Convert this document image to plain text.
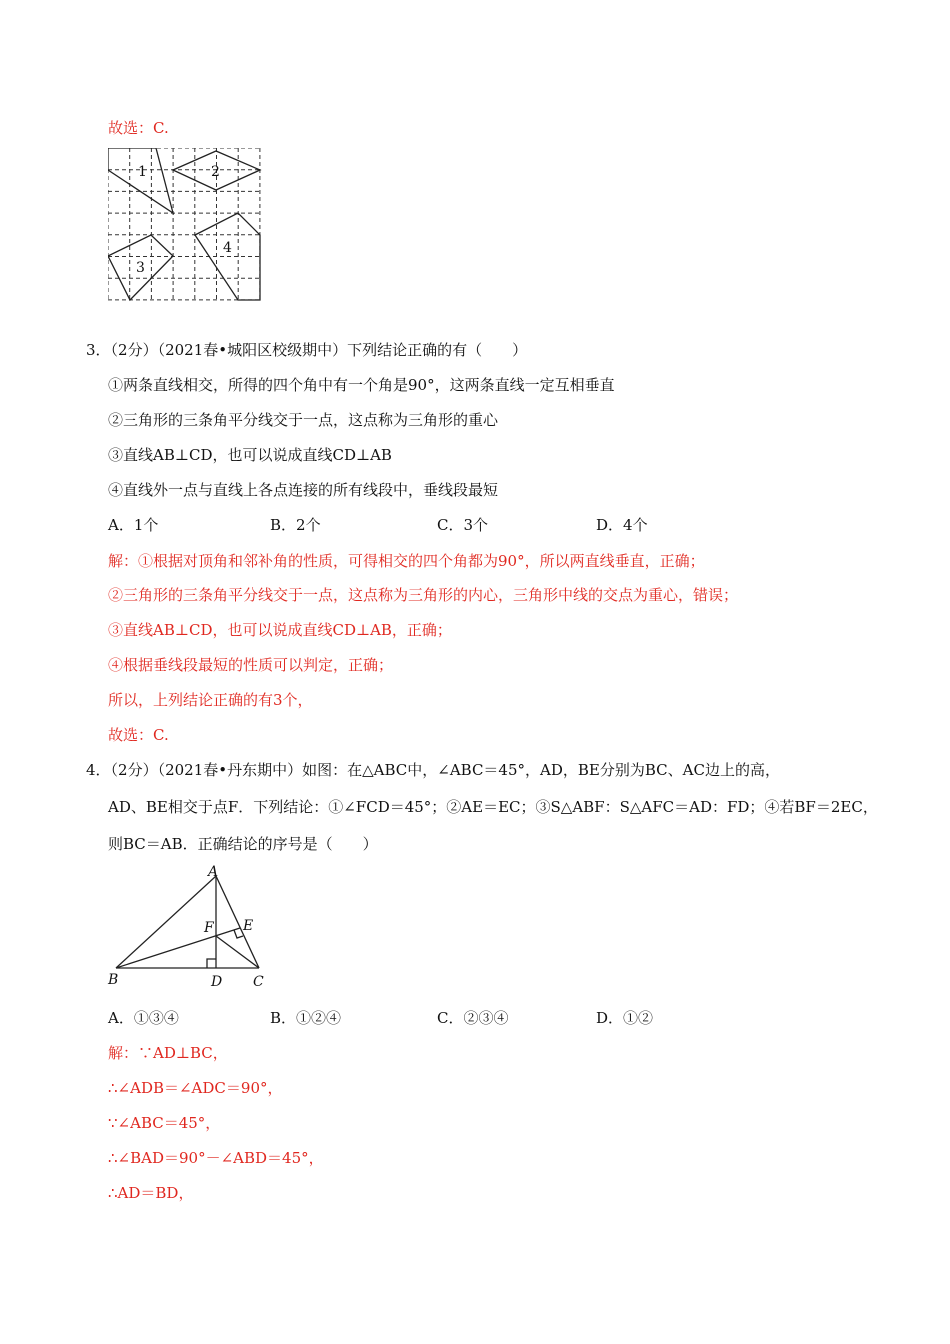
故选：C.
1	2
3
4
3．（2分）（2021春•城阳区校级期中）下列结论正确的有（　　）
①两条直线相交，所得的四个角中有一个角是90°，这两条直线一定互相垂直
②三角形的三条角平分线交于一点，这点称为三角形的重心
③直线AB⊥CD，也可以说成直线CD⊥AB
④直线外一点与直线上各点连接的所有线段中，垂线段最短
A．1个	B．2个	C．3个	D．4个
解：①根据对顶角和邻补角的性质，可得相交的四个角都为90°，所以两直线垂直，正确；
②三角形的三条角平分线交于一点，这点称为三角形的内心，三角形中线的交点为重心，错误；
③直线AB⊥CD，也可以说成直线CD⊥AB，正确；
④根据垂线段最短的性质可以判定，正确；
所以，上列结论正确的有3个，
故选：C.
4．（2分）（2021春•丹东期中）如图：在△ABC中，∠ABC＝45°，AD，BE分别为BC、AC边上的高，
AD、BE相交于点F．下列结论：①∠FCD＝45°；②AE＝EC；③S△ABF：S△AFC＝AD：FD；④若BF＝2EC，
则BC＝AB．正确结论的序号是（　　）
A
B	C
D
E
F
A．①③④	B．①②④	C．②③④	D．①②
解：∵AD⊥BC，
∴∠ADB＝∠ADC＝90°，
∵∠ABC＝45°，
∴∠BAD＝90°－∠ABD＝45°，
∴AD＝BD，
